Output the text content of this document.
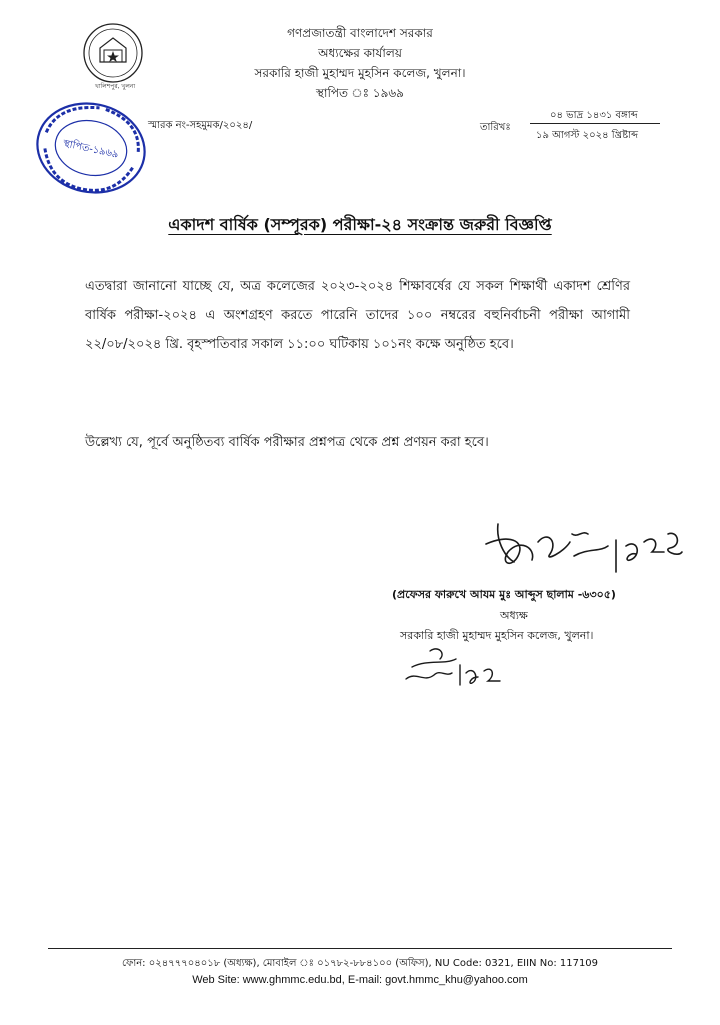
গণপ্রজাতন্ত্রী বাংলাদেশ সরকার
অধ্যক্ষের কার্যালয়
সরকারি হাজী মুহাম্মদ মুহসিন কলেজ, খুলনা।
স্থাপিত ঃ ১৯৬৯
খালিশপুর, খুলনা
স্মারক নং-সহমুমক/২০২৪/	তারিখঃ
০৪ ভাদ্র ১৪৩১ বঙ্গাব্দ
১৯ আগস্ট ২০২৪ খ্রিষ্টাব্দ
স্থাপিত-১৯৬৯
একাদশ বার্ষিক (সম্পূরক) পরীক্ষা-২৪ সংক্রান্ত জরুরী বিজ্ঞপ্তি
এতদ্বারা জানানো যাচ্ছে যে, অত্র কলেজের ২০২৩-২০২৪ শিক্ষাবর্ষের যে সকল শিক্ষার্থী একাদশ শ্রেণির বার্ষিক পরীক্ষা-২০২৪ এ অংশগ্রহণ করতে পারেনি তাদের ১০০ নম্বরের বহুনির্বাচনী পরীক্ষা আগামী ২২/০৮/২০২৪ খ্রি. বৃহস্পতিবার সকাল ১১:০০ ঘটিকায় ১০১নং কক্ষে অনুষ্ঠিত হবে।
উল্লেখ্য যে, পূর্বে অনুষ্ঠিতব্য বার্ষিক পরীক্ষার প্রশ্নপত্র থেকে প্রশ্ন প্রণয়ন করা হবে।
(প্রফেসর ফারুখে আযম মুঃ আব্দুস ছালাম -৬৩০৫)
অধ্যক্ষ
সরকারি হাজী মুহাম্মদ মুহসিন কলেজ, খুলনা।
ফোন: ০২৪৭৭৭০৪০১৮ (অধ্যক্ষ), মোবাইল ঃ ০১৭৮২-৮৮৪১০০ (অফিস), NU Code: 0321, EIIN No: 117109
Web Site: www.ghmmc.edu.bd, E-mail: govt.hmmc_khu@yahoo.com
